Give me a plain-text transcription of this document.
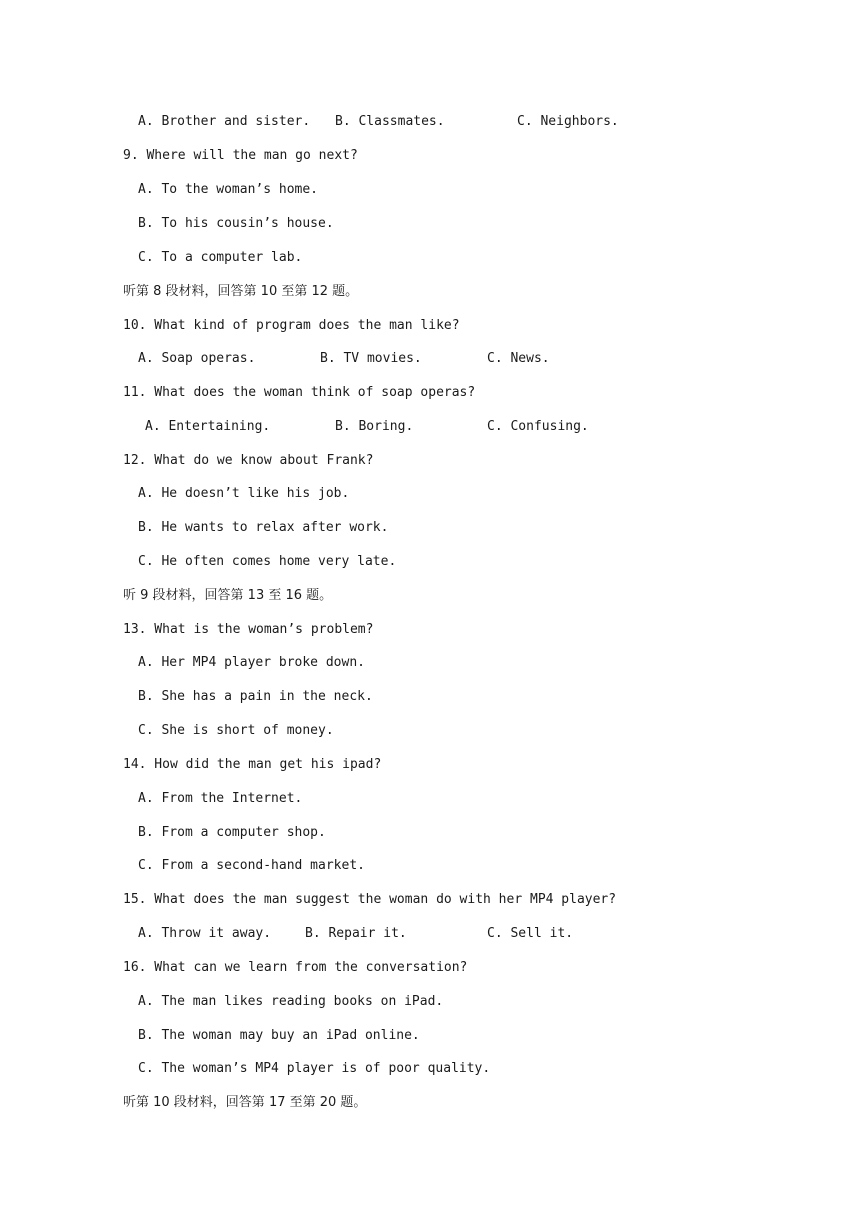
A. Brother and sister. B. Classmates.	C. Neighbors.
9. Where will the man go next?
A. To the woman’s home.
B. To his cousin’s house.
C. To a computer lab.
听第 8 段材料，回答第 10 至第 12 题。
10. What kind of program does the man like?
A. Soap operas.	B. TV movies.	C. News.
11. What does the woman think of soap operas?
A. Entertaining.	B. Boring.	C. Confusing.
12. What do we know about Frank?
A. He doesn’t like his job.
B. He wants to relax after work.
C. He often comes home very late.
听 9 段材料，回答第 13 至 16 题。
13. What is the woman’s problem?
A. Her MP4 player broke down.
B. She has a pain in the neck.
C. She is short of money.
14. How did the man get his ipad?
A. From the Internet.
B. From a computer shop.
C. From a second-hand market.
15. What does the man suggest the woman do with her MP4 player?
A. Throw it away.	B. Repair it.	C. Sell it.
16. What can we learn from the conversation?
A. The man likes reading books on iPad.
B. The woman may buy an iPad online.
C. The woman’s MP4 player is of poor quality.
听第 10 段材料，回答第 17 至第 20 题。
